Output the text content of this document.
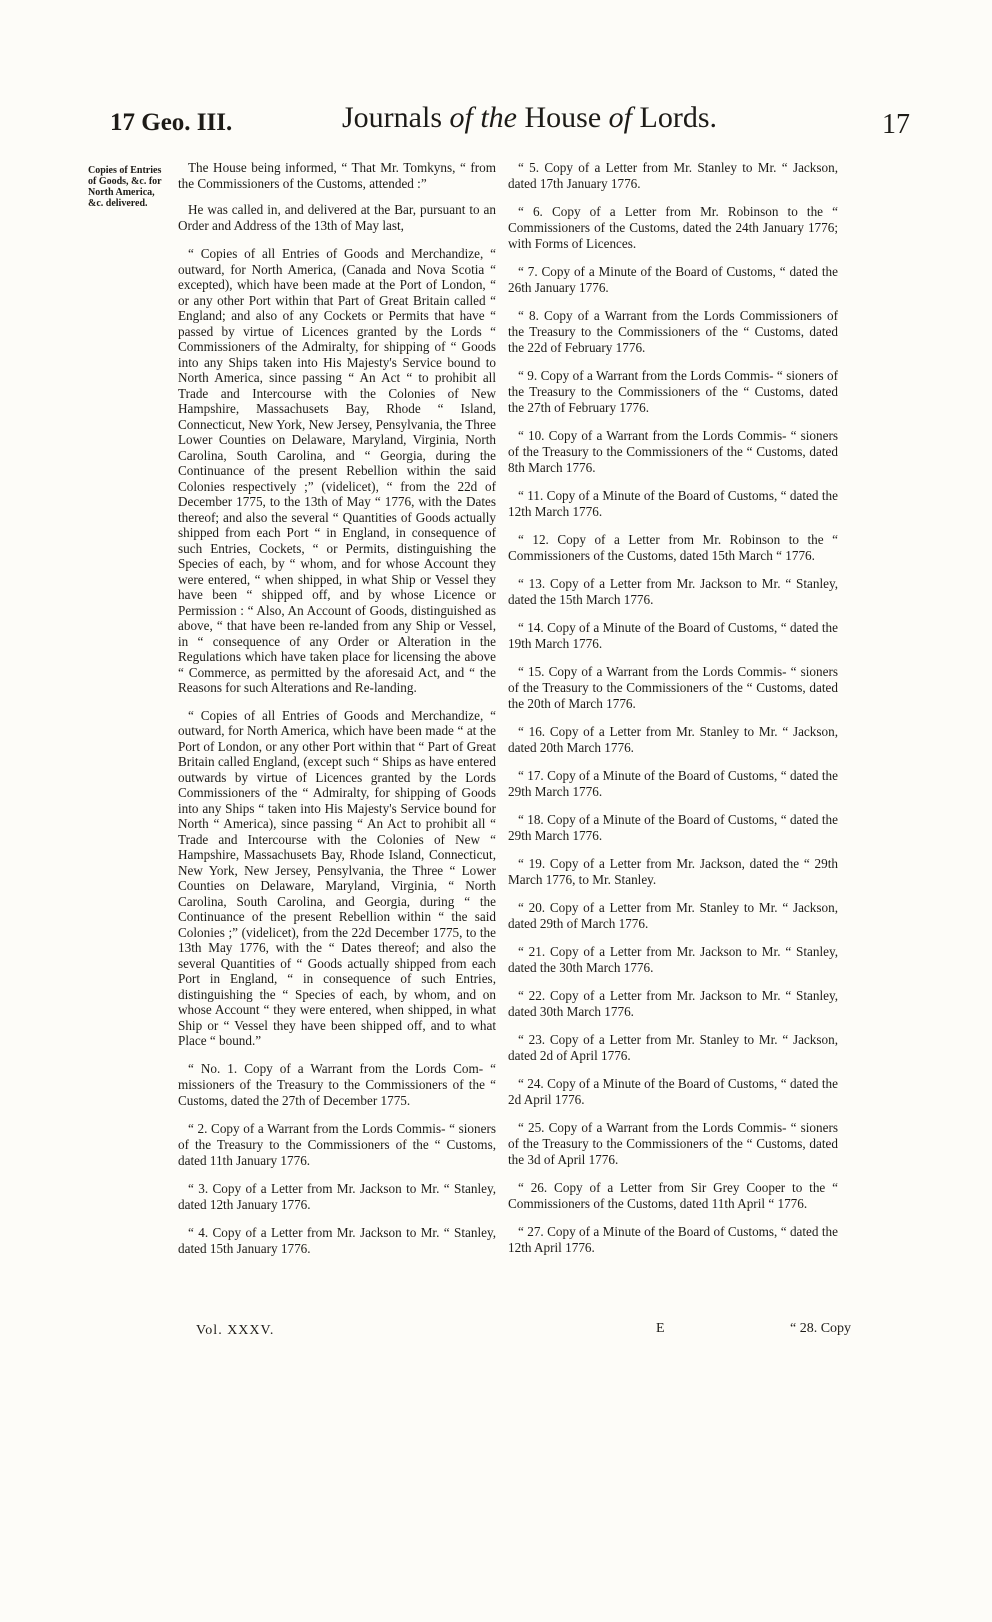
17 Geo. III.	Journals of the House of Lords.	17
Copies of Entries of Goods, &c. for North America, &c. delivered.

The House being informed, “ That Mr. Tomkyns, “ from the Commissioners of the Customs, attended :”

He was called in, and delivered at the Bar, pursuant to an Order and Address of the 13th of May last,

“ Copies of all Entries of Goods and Merchandize, “ outward, for North America, (Canada and Nova Scotia “ excepted), which have been made at the Port of London, “ or any other Port within that Part of Great Britain called “ England; and also of any Cockets or Permits that have “ passed by virtue of Licences granted by the Lords “ Commissioners of the Admiralty, for shipping of “ Goods into any Ships taken into His Majesty's Service bound to North America, since passing “ An Act “ to prohibit all Trade and Intercourse with the Colonies of New Hampshire, Massachusets Bay, Rhode “ Island, Connecticut, New York, New Jersey, Pensylvania, the Three Lower Counties on Delaware, Maryland, Virginia, North Carolina, South Carolina, and “ Georgia, during the Continuance of the present Rebellion within the said Colonies respectively ;” (videlicet), “ from the 22d of December 1775, to the 13th of May “ 1776, with the Dates thereof; and also the several “ Quantities of Goods actually shipped from each Port “ in England, in consequence of such Entries, Cockets, “ or Permits, distinguishing the Species of each, by “ whom, and for whose Account they were entered, “ when shipped, in what Ship or Vessel they have been “ shipped off, and by whose Licence or Permission : “ Also, An Account of Goods, distinguished as above, “ that have been re-landed from any Ship or Vessel, in “ consequence of any Order or Alteration in the Regulations which have taken place for licensing the above “ Commerce, as permitted by the aforesaid Act, and “ the Reasons for such Alterations and Re-landing.

“ Copies of all Entries of Goods and Merchandize, “ outward, for North America, which have been made “ at the Port of London, or any other Port within that “ Part of Great Britain called England, (except such “ Ships as have entered outwards by virtue of Licences granted by the Lords Commissioners of the “ Admiralty, for shipping of Goods into any Ships “ taken into His Majesty's Service bound for North “ America), since passing “ An Act to prohibit all “ Trade and Intercourse with the Colonies of New “ Hampshire, Massachusets Bay, Rhode Island, Connecticut, New York, New Jersey, Pensylvania, the Three “ Lower Counties on Delaware, Maryland, Virginia, “ North Carolina, South Carolina, and Georgia, during “ the Continuance of the present Rebellion within “ the said Colonies ;” (videlicet), from the 22d December 1775, to the 13th May 1776, with the “ Dates thereof; and also the several Quantities of “ Goods actually shipped from each Port in England, “ in consequence of such Entries, distinguishing the “ Species of each, by whom, and on whose Account “ they were entered, when shipped, in what Ship or “ Vessel they have been shipped off, and to what Place “ bound.”

“ No. 1. Copy of a Warrant from the Lords Com- “ missioners of the Treasury to the Commissioners of the “ Customs, dated the 27th of December 1775.

“ 2. Copy of a Warrant from the Lords Commis- “ sioners of the Treasury to the Commissioners of the “ Customs, dated 11th January 1776.

“ 3. Copy of a Letter from Mr. Jackson to Mr. “ Stanley, dated 12th January 1776.

“ 4. Copy of a Letter from Mr. Jackson to Mr. “ Stanley, dated 15th January 1776.

“ 5. Copy of a Letter from Mr. Stanley to Mr. “ Jackson, dated 17th January 1776.

“ 6. Copy of a Letter from Mr. Robinson to the “ Commissioners of the Customs, dated the 24th January 1776; with Forms of Licences.

“ 7. Copy of a Minute of the Board of Customs, “ dated the 26th January 1776.

“ 8. Copy of a Warrant from the Lords Commissioners of the Treasury to the Commissioners of the “ Customs, dated the 22d of February 1776.

“ 9. Copy of a Warrant from the Lords Commis- “ sioners of the Treasury to the Commissioners of the “ Customs, dated the 27th of February 1776.

“ 10. Copy of a Warrant from the Lords Commis- “ sioners of the Treasury to the Commissioners of the “ Customs, dated 8th March 1776.

“ 11. Copy of a Minute of the Board of Customs, “ dated the 12th March 1776.

“ 12. Copy of a Letter from Mr. Robinson to the “ Commissioners of the Customs, dated 15th March “ 1776.

“ 13. Copy of a Letter from Mr. Jackson to Mr. “ Stanley, dated the 15th March 1776.

“ 14. Copy of a Minute of the Board of Customs, “ dated the 19th March 1776.

“ 15. Copy of a Warrant from the Lords Commis- “ sioners of the Treasury to the Commissioners of the “ Customs, dated the 20th of March 1776.

“ 16. Copy of a Letter from Mr. Stanley to Mr. “ Jackson, dated 20th March 1776.

“ 17. Copy of a Minute of the Board of Customs, “ dated the 29th March 1776.

“ 18. Copy of a Minute of the Board of Customs, “ dated the 29th March 1776.

“ 19. Copy of a Letter from Mr. Jackson, dated the “ 29th March 1776, to Mr. Stanley.

“ 20. Copy of a Letter from Mr. Stanley to Mr. “ Jackson, dated 29th of March 1776.

“ 21. Copy of a Letter from Mr. Jackson to Mr. “ Stanley, dated the 30th March 1776.

“ 22. Copy of a Letter from Mr. Jackson to Mr. “ Stanley, dated 30th March 1776.

“ 23. Copy of a Letter from Mr. Stanley to Mr. “ Jackson, dated 2d of April 1776.

“ 24. Copy of a Minute of the Board of Customs, “ dated the 2d April 1776.

“ 25. Copy of a Warrant from the Lords Commis- “ sioners of the Treasury to the Commissioners of the “ Customs, dated the 3d of April 1776.

“ 26. Copy of a Letter from Sir Grey Cooper to the “ Commissioners of the Customs, dated 11th April “ 1776.

“ 27. Copy of a Minute of the Board of Customs, “ dated the 12th April 1776.

Vol. XXXV.	E	“ 28. Copy
